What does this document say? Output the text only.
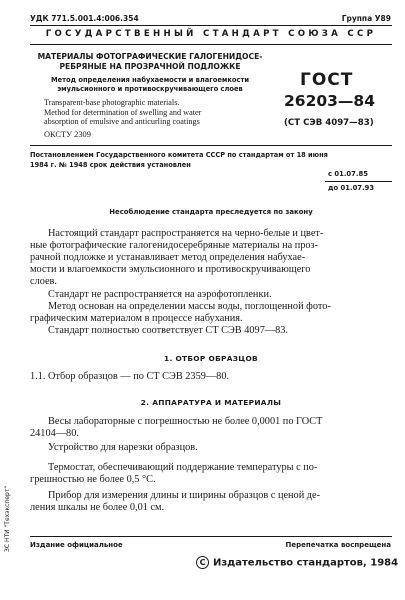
УДК 771.5.001.4:006.354	Группа У89
ГОСУДАРСТВЕННЫЙ СТАНДАРТ СОЮЗА ССР
МАТЕРИАЛЫ ФОТОГРАФИЧЕСКИЕ ГАЛОГЕНИДОСЕ-
РЕБРЯНЫЕ НА ПРОЗРАЧНОЙ ПОДЛОЖКЕ
Метод определения набухаемости и влагоемкости
эмульсионного и противоскручивающего слоев
Transparent-base photographic materials.
Method for determination of swelling and water
absorption of emulsive and anticurling coatings
ОКСТУ 2309
ГОСТ
26203—84
(СТ СЭВ 4097—83)
Постановлением Государственного комитета СССР по стандартам от 18 июня
1984 г. № 1948 срок действия установлен
с 01.07.85
до 01.07.93
Несоблюдение стандарта преследуется по закону
Настоящий стандарт распространяется на черно-белые и цвет-
ные фотографические галогенидосеребряные материалы на проз-
рачной подложке и устанавливает метод определения набухае-
мости и влагоемкости эмульсионного и противоскручивающего
слоев.
Стандарт не распространяется на аэрофотопленки.
Метод основан на определении массы воды, поглощенной фото-
графическим материалом в процессе набухания.
Стандарт полностью соответствует СТ СЭВ 4097—83.
1. ОТБОР ОБРАЗЦОВ
1.1. Отбор образцов — по СТ СЭВ 2359—80.
2. АППАРАТУРА И МАТЕРИАЛЫ
Весы лабораторные с погрешностью не более 0,0001 по ГОСТ
24104—80.
Устройство для нарезки образцов.
Термостат, обеспечивающий поддержание температуры с по-
грешностью не более 0,5 °С.
Прибор для измерения длины и ширины образцов с ценой де-
ления шкалы не более 0,01 см.
Издание официальное	Перепечатка воспрещена
С Издательство стандартов, 1984
ЗС НТИ "Техэксперт"
